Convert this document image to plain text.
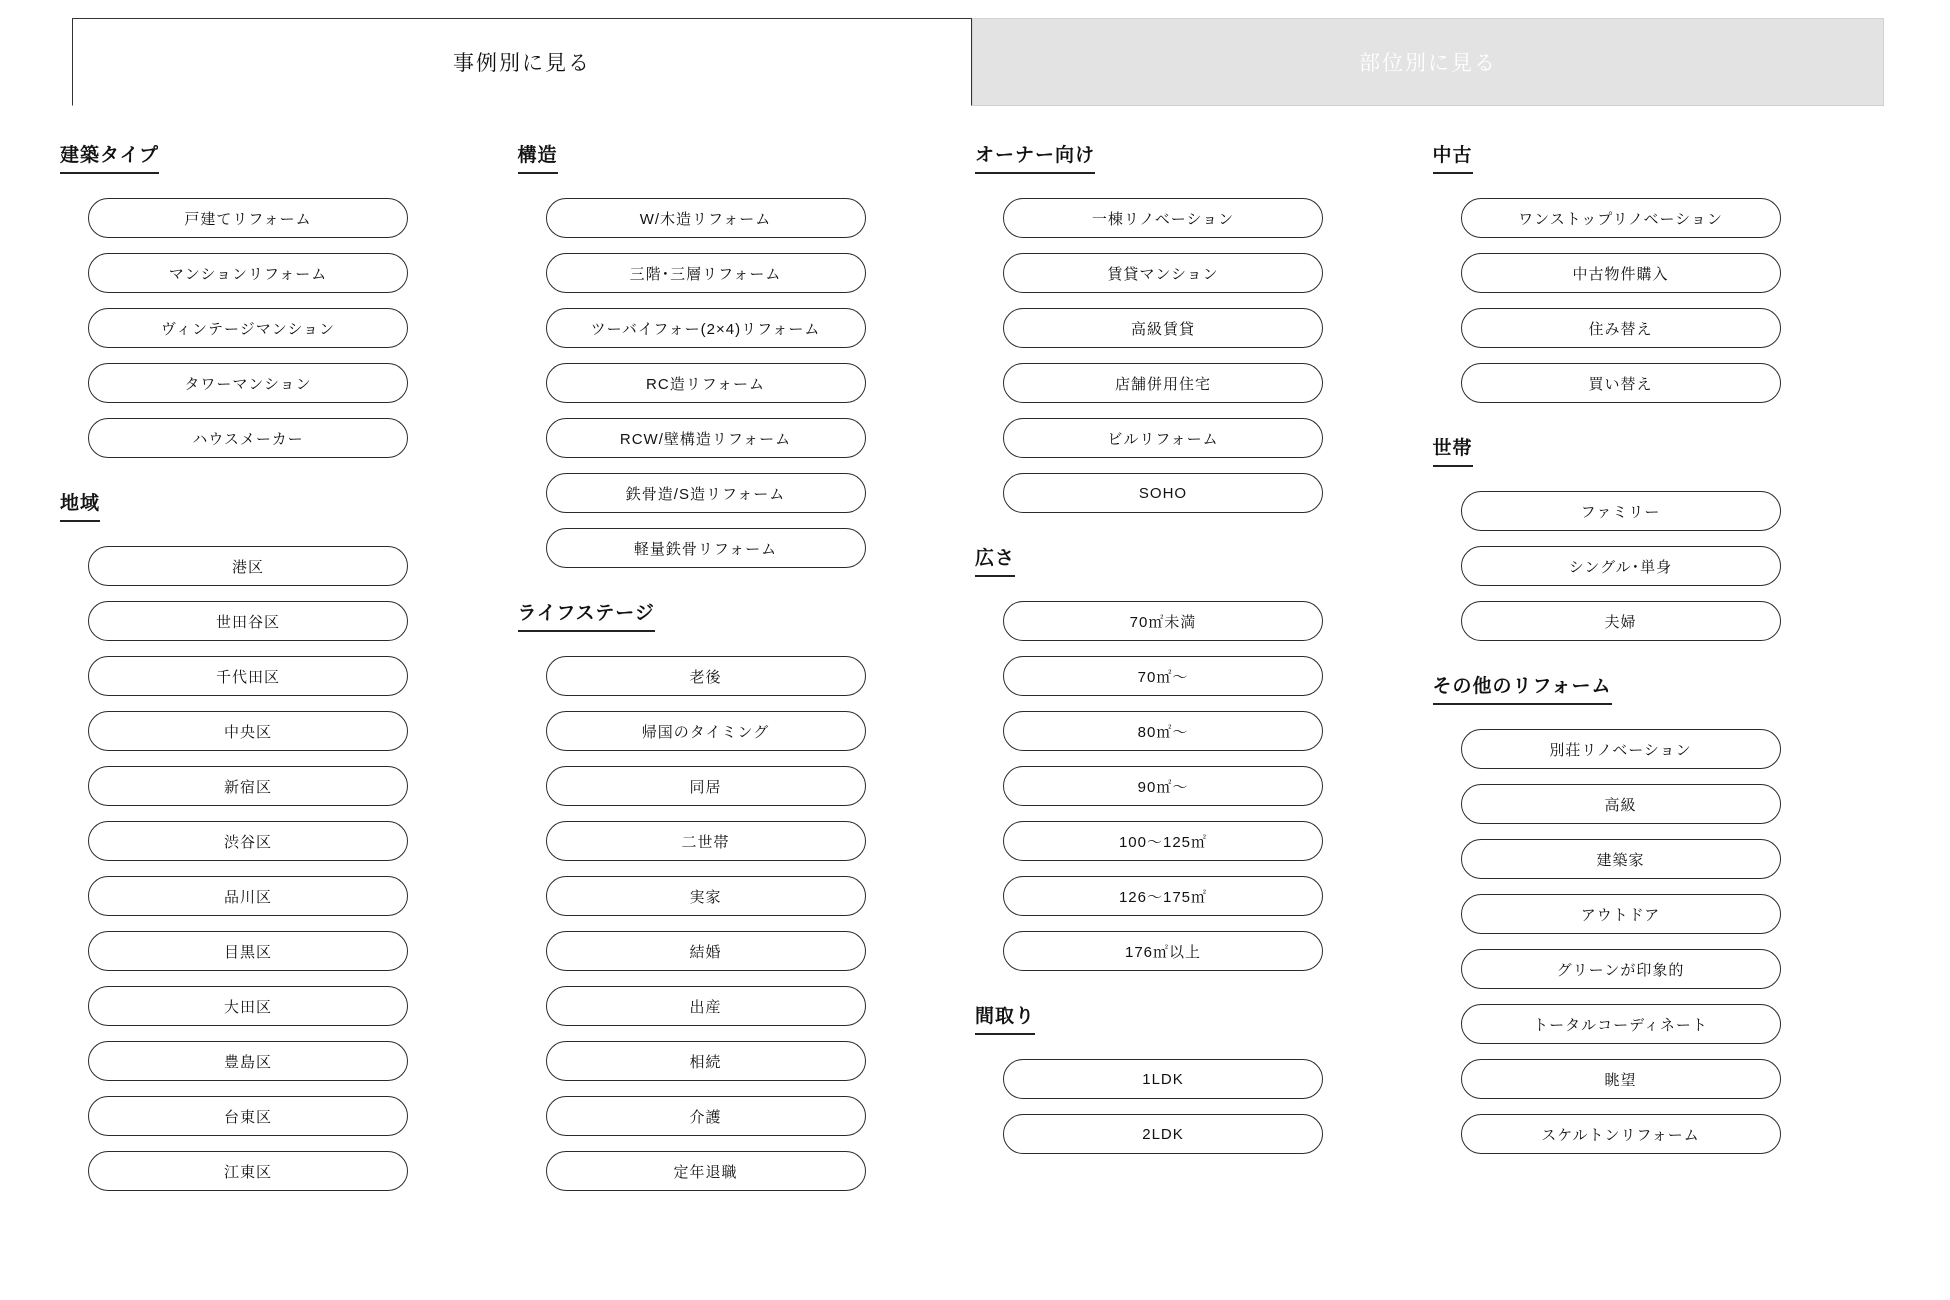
事例別に見る	部位別に見る
建築タイプ
戸建てリフォーム
マンションリフォーム
ヴィンテージマンション
タワーマンション
ハウスメーカー
地域
港区
世田谷区
千代田区
中央区
新宿区
渋谷区
品川区
目黒区
大田区
豊島区
台東区
江東区
構造
W/木造リフォーム
三階･三層リフォーム
ツーバイフォー(2×4)リフォーム
RC造リフォーム
RCW/壁構造リフォーム
鉄骨造/S造リフォーム
軽量鉄骨リフォーム
ライフステージ
老後
帰国のタイミング
同居
二世帯
実家
結婚
出産
相続
介護
定年退職
オーナー向け
一棟リノベーション
賃貸マンション
高級賃貸
店舗併用住宅
ビルリフォーム
SOHO
広さ
70㎡未満
70㎡〜
80㎡〜
90㎡〜
100〜125㎡
126〜175㎡
176㎡以上
間取り
1LDK
2LDK
中古
ワンストップリノベーション
中古物件購入
住み替え
買い替え
世帯
ファミリー
シングル･単身
夫婦
その他のリフォーム
別荘リノベーション
高級
建築家
アウトドア
グリーンが印象的
トータルコーディネート
眺望
スケルトンリフォーム
